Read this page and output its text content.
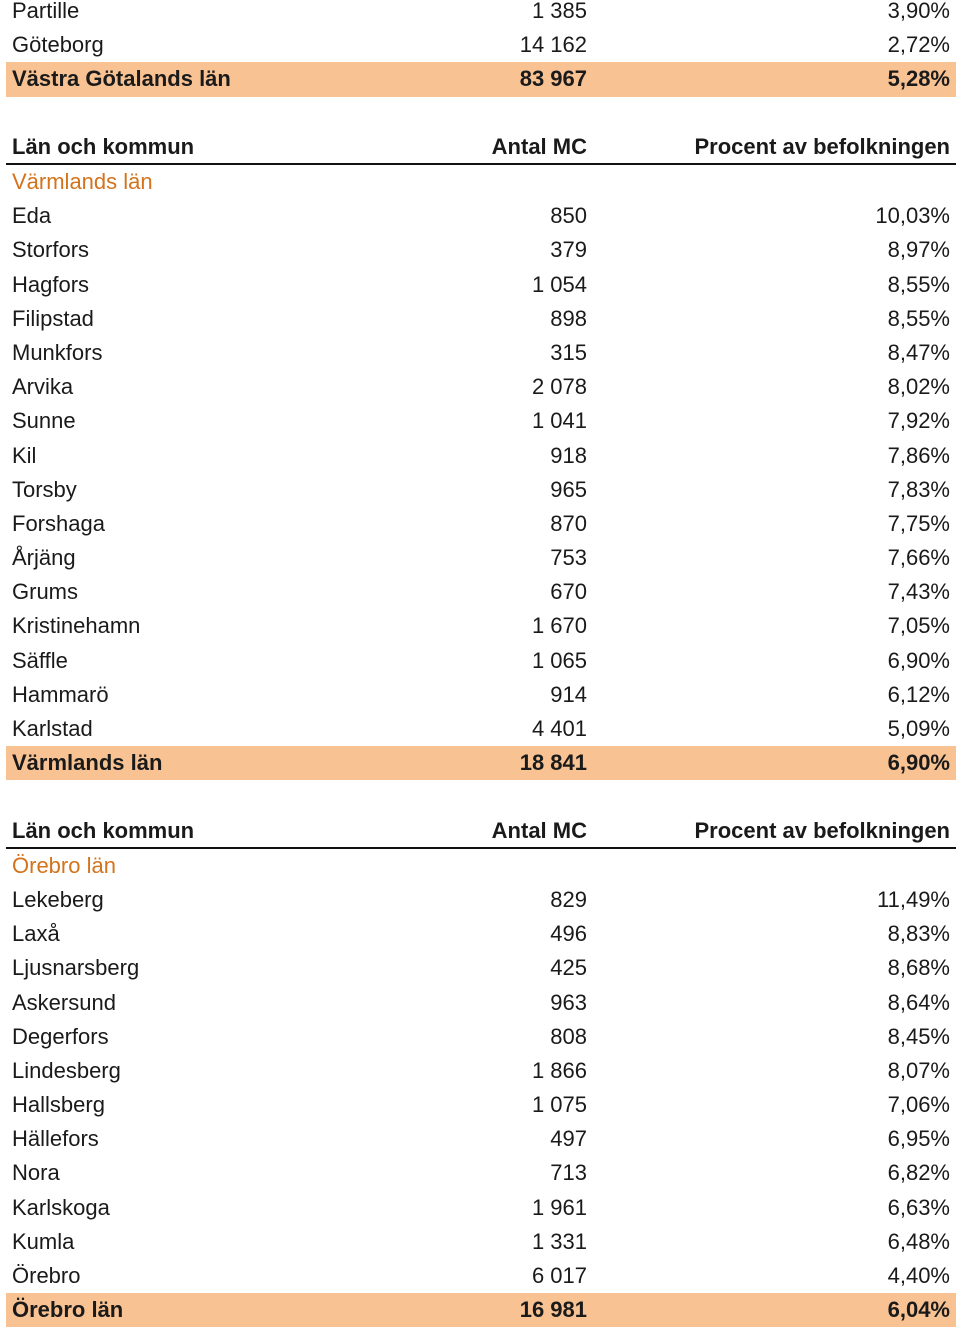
Partille	1 385	3,90%
Göteborg	14 162	2,72%
Västra Götalands län	83 967	5,28%
Län och kommun	Antal MC	Procent av befolkningen
Värmlands län
Eda	850	10,03%
Storfors	379	8,97%
Hagfors	1 054	8,55%
Filipstad	898	8,55%
Munkfors	315	8,47%
Arvika	2 078	8,02%
Sunne	1 041	7,92%
Kil	918	7,86%
Torsby	965	7,83%
Forshaga	870	7,75%
Årjäng	753	7,66%
Grums	670	7,43%
Kristinehamn	1 670	7,05%
Säffle	1 065	6,90%
Hammarö	914	6,12%
Karlstad	4 401	5,09%
Värmlands län	18 841	6,90%
Län och kommun	Antal MC	Procent av befolkningen
Örebro län
Lekeberg	829	11,49%
Laxå	496	8,83%
Ljusnarsberg	425	8,68%
Askersund	963	8,64%
Degerfors	808	8,45%
Lindesberg	1 866	8,07%
Hallsberg	1 075	7,06%
Hällefors	497	6,95%
Nora	713	6,82%
Karlskoga	1 961	6,63%
Kumla	1 331	6,48%
Örebro	6 017	4,40%
Örebro län	16 981	6,04%
